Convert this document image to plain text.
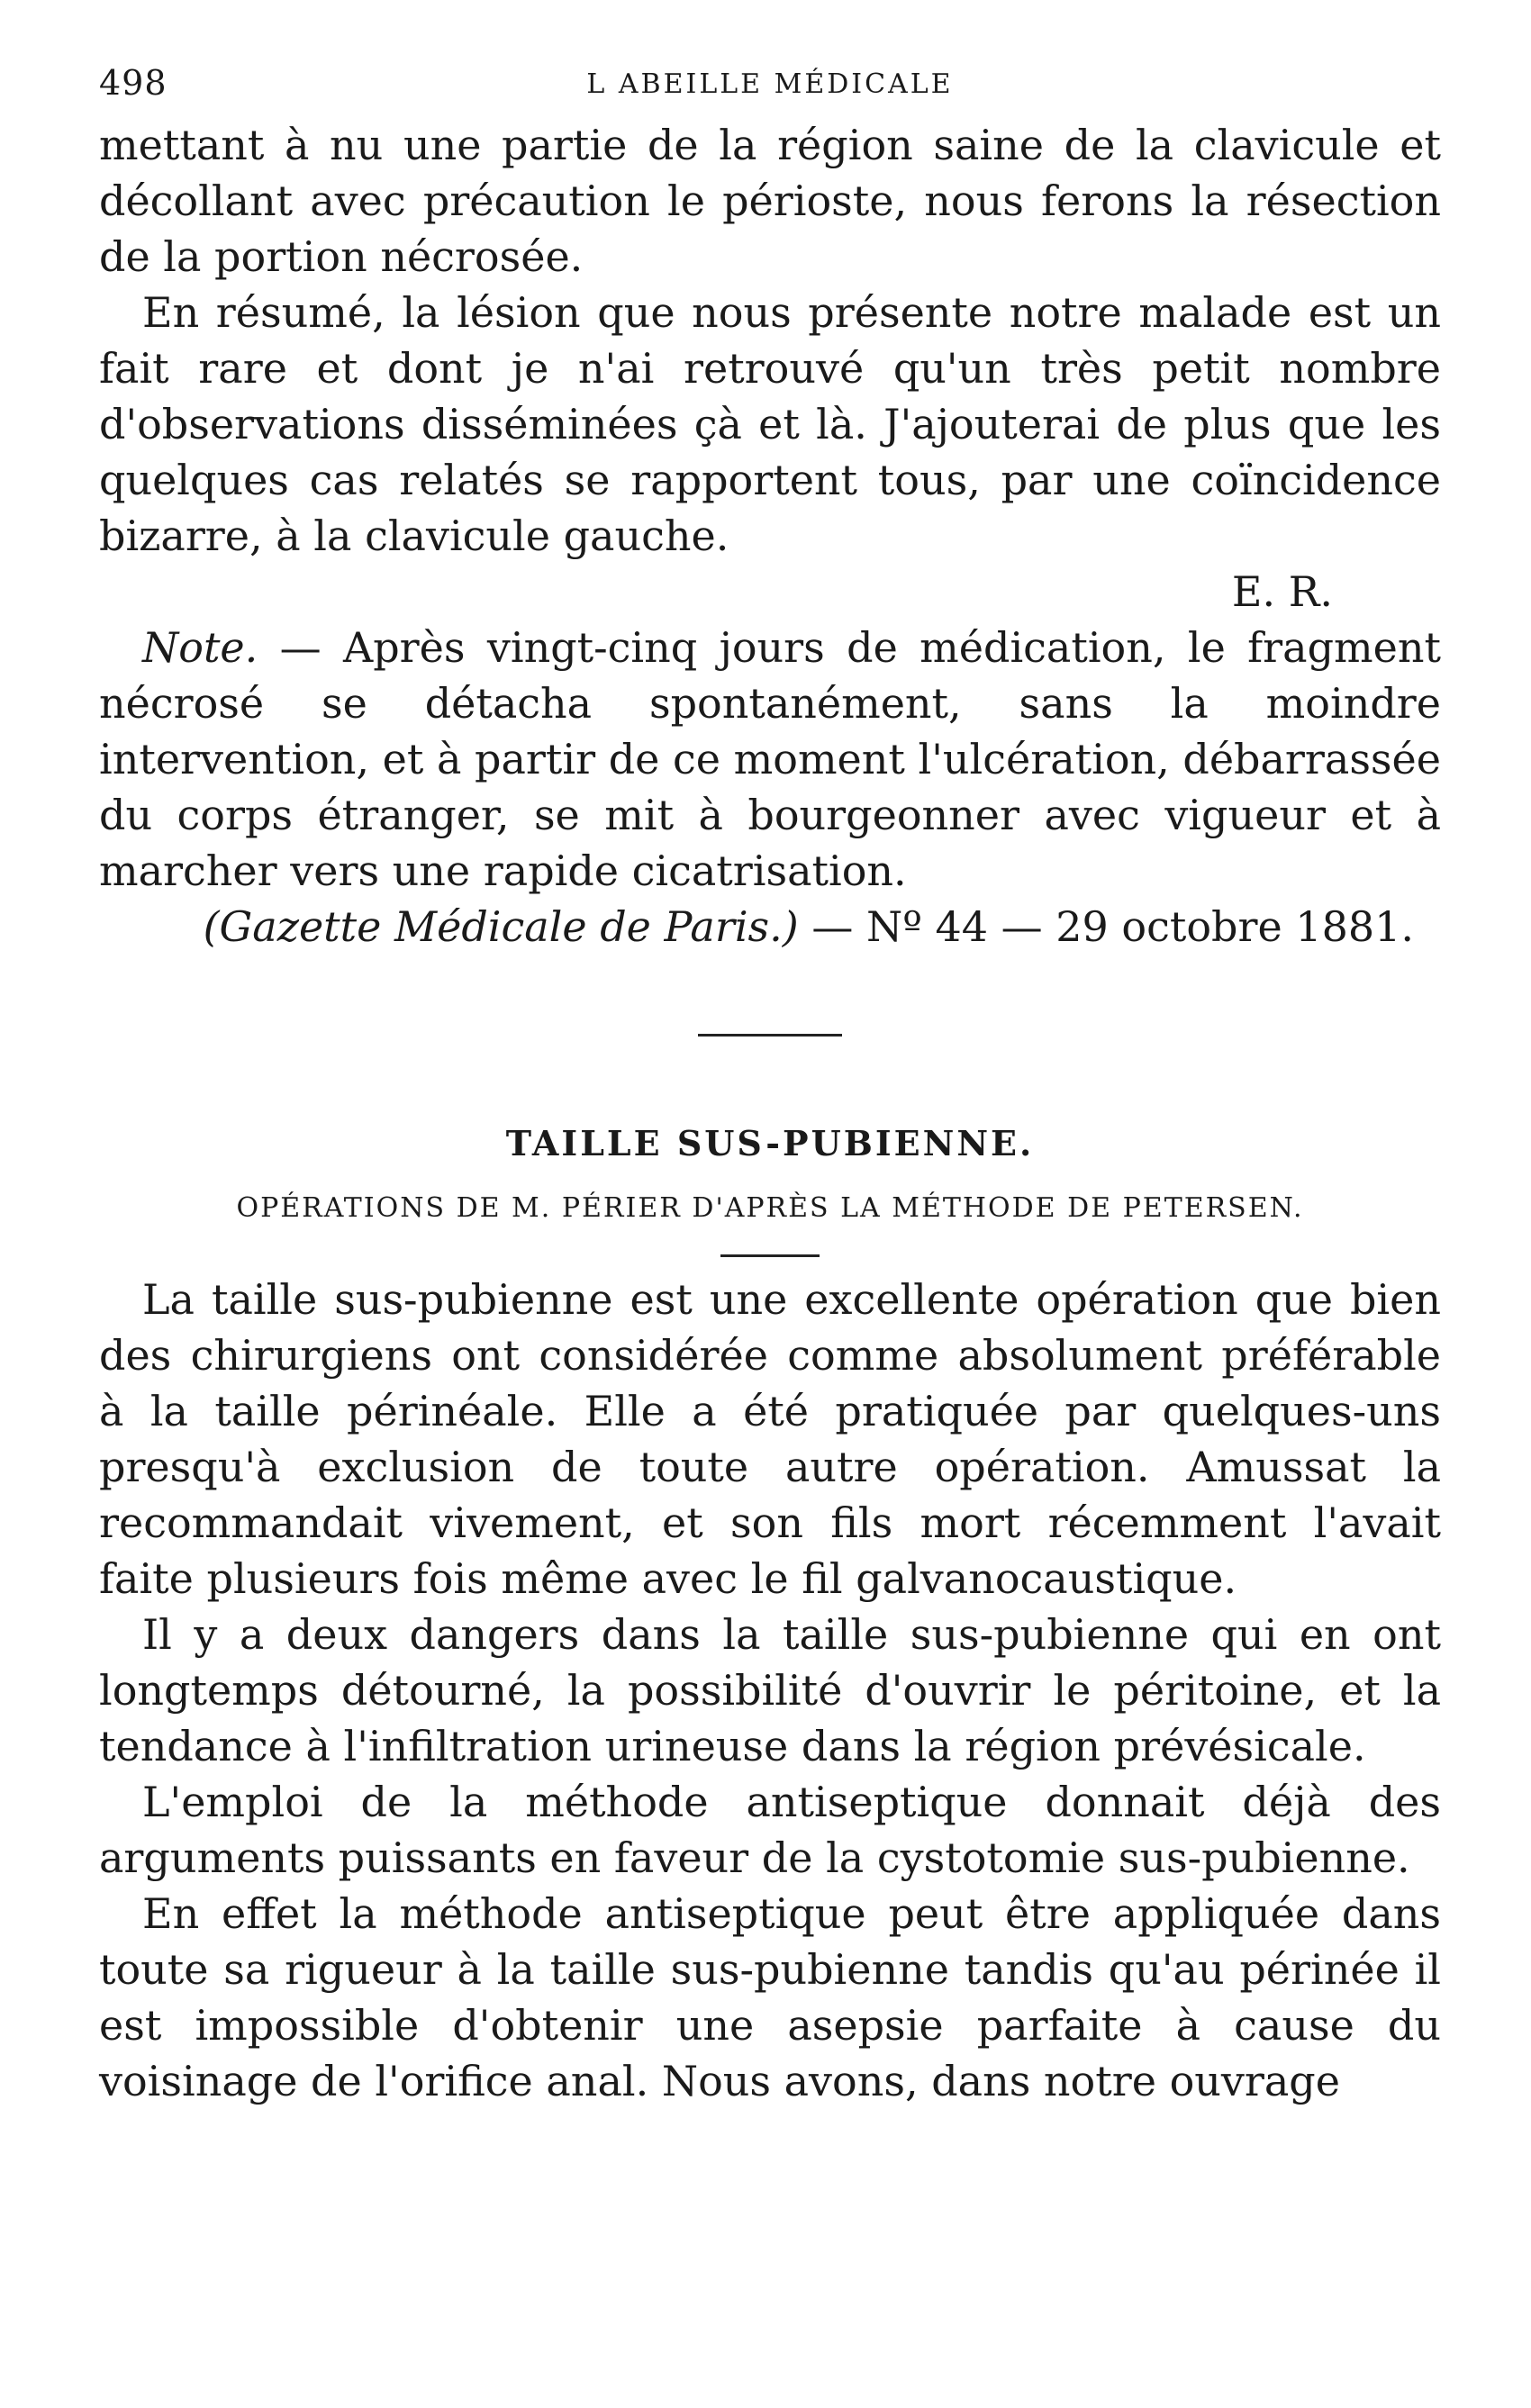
498	L ABEILLE MÉDICALE

mettant à nu une partie de la région saine de la clavicule et décollant avec précaution le périoste, nous ferons la résection de la portion nécrosée.

En résumé, la lésion que nous présente notre malade est un fait rare et dont je n'ai retrouvé qu'un très petit nombre d'observations disséminées çà et là. J'ajouterai de plus que les quelques cas relatés se rapportent tous, par une coïncidence bizarre, à la clavicule gauche.

E. R.

Note. — Après vingt-cinq jours de médication, le fragment nécrosé se détacha spontanément, sans la moindre intervention, et à partir de ce moment l'ulcération, débarrassée du corps étranger, se mit à bourgeonner avec vigueur et à marcher vers une rapide cicatrisation.

(Gazette Médicale de Paris.) — Nº 44 — 29 octobre 1881.
TAILLE SUS-PUBIENNE.
OPÉRATIONS DE M. PÉRIER D'APRÈS LA MÉTHODE DE PETERSEN.

La taille sus-pubienne est une excellente opération que bien des chirurgiens ont considérée comme absolument préférable à la taille périnéale. Elle a été pratiquée par quelques-uns presqu'à exclusion de toute autre opération. Amussat la recommandait vivement, et son fils mort récemment l'avait faite plusieurs fois même avec le fil galvanocaustique.

Il y a deux dangers dans la taille sus-pubienne qui en ont longtemps détourné, la possibilité d'ouvrir le péritoine, et la tendance à l'infiltration urineuse dans la région prévésicale.

L'emploi de la méthode antiseptique donnait déjà des arguments puissants en faveur de la cystotomie sus-pubienne.

En effet la méthode antiseptique peut être appliquée dans toute sa rigueur à la taille sus-pubienne tandis qu'au périnée il est impossible d'obtenir une asepsie parfaite à cause du voisinage de l'orifice anal. Nous avons, dans notre ouvrage
